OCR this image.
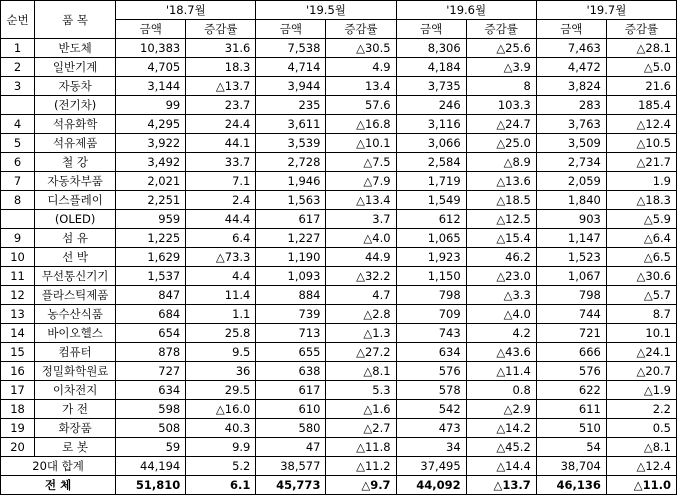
순번	품 목	'18.7월		'19.5월		'19.6월		'19.7월	
		금액	증감률	금액	증감률	금액	증감률	금액	증감률
1	반도체	10,383	31.6	7,538	△30.5	8,306	△25.6	7,463	△28.1
2	일반기계	4,705	18.3	4,714	4.9	4,184	△3.9	4,472	△5.0
3	자동차	3,144	△13.7	3,944	13.4	3,735	8	3,824	21.6
	(전기차)	99	23.7	235	57.6	246	103.3	283	185.4
4	석유화학	4,295	24.4	3,611	△16.8	3,116	△24.7	3,763	△12.4
5	석유제품	3,922	44.1	3,539	△10.1	3,066	△25.0	3,509	△10.5
6	철 강	3,492	33.7	2,728	△7.5	2,584	△8.9	2,734	△21.7
7	자동차부품	2,021	7.1	1,946	△7.9	1,719	△13.6	2,059	1.9
8	디스플레이	2,251	2.4	1,563	△13.4	1,549	△18.5	1,840	△18.3
	(OLED)	959	44.4	617	3.7	612	△12.5	903	△5.9
9	섬 유	1,225	6.4	1,227	△4.0	1,065	△15.4	1,147	△6.4
10	선 박	1,629	△73.3	1,190	44.9	1,923	46.2	1,523	△6.5
11	무선통신기기	1,537	4.4	1,093	△32.2	1,150	△23.0	1,067	△30.6
12	플라스틱제품	847	11.4	884	4.7	798	△3.3	798	△5.7
13	농수산식품	684	1.1	739	△2.8	709	△4.0	744	8.7
14	바이오헬스	654	25.8	713	△1.3	743	4.2	721	10.1
15	컴퓨터	878	9.5	655	△27.2	634	△43.6	666	△24.1
16	정밀화학원료	727	36	638	△8.1	576	△11.4	576	△20.7
17	이차전지	634	29.5	617	5.3	578	0.8	622	△1.9
18	가 전	598	△16.0	610	△1.6	542	△2.9	611	2.2
19	화장품	508	40.3	580	△2.7	473	△14.2	510	0.5
20	로 봇	59	9.9	47	△11.8	34	△45.2	54	△8.1
20대 합계		44,194	5.2	38,577	△11.2	37,495	△14.4	38,704	△12.4
전 체		51,810	6.1	45,773	△9.7	44,092	△13.7	46,136	△11.0
